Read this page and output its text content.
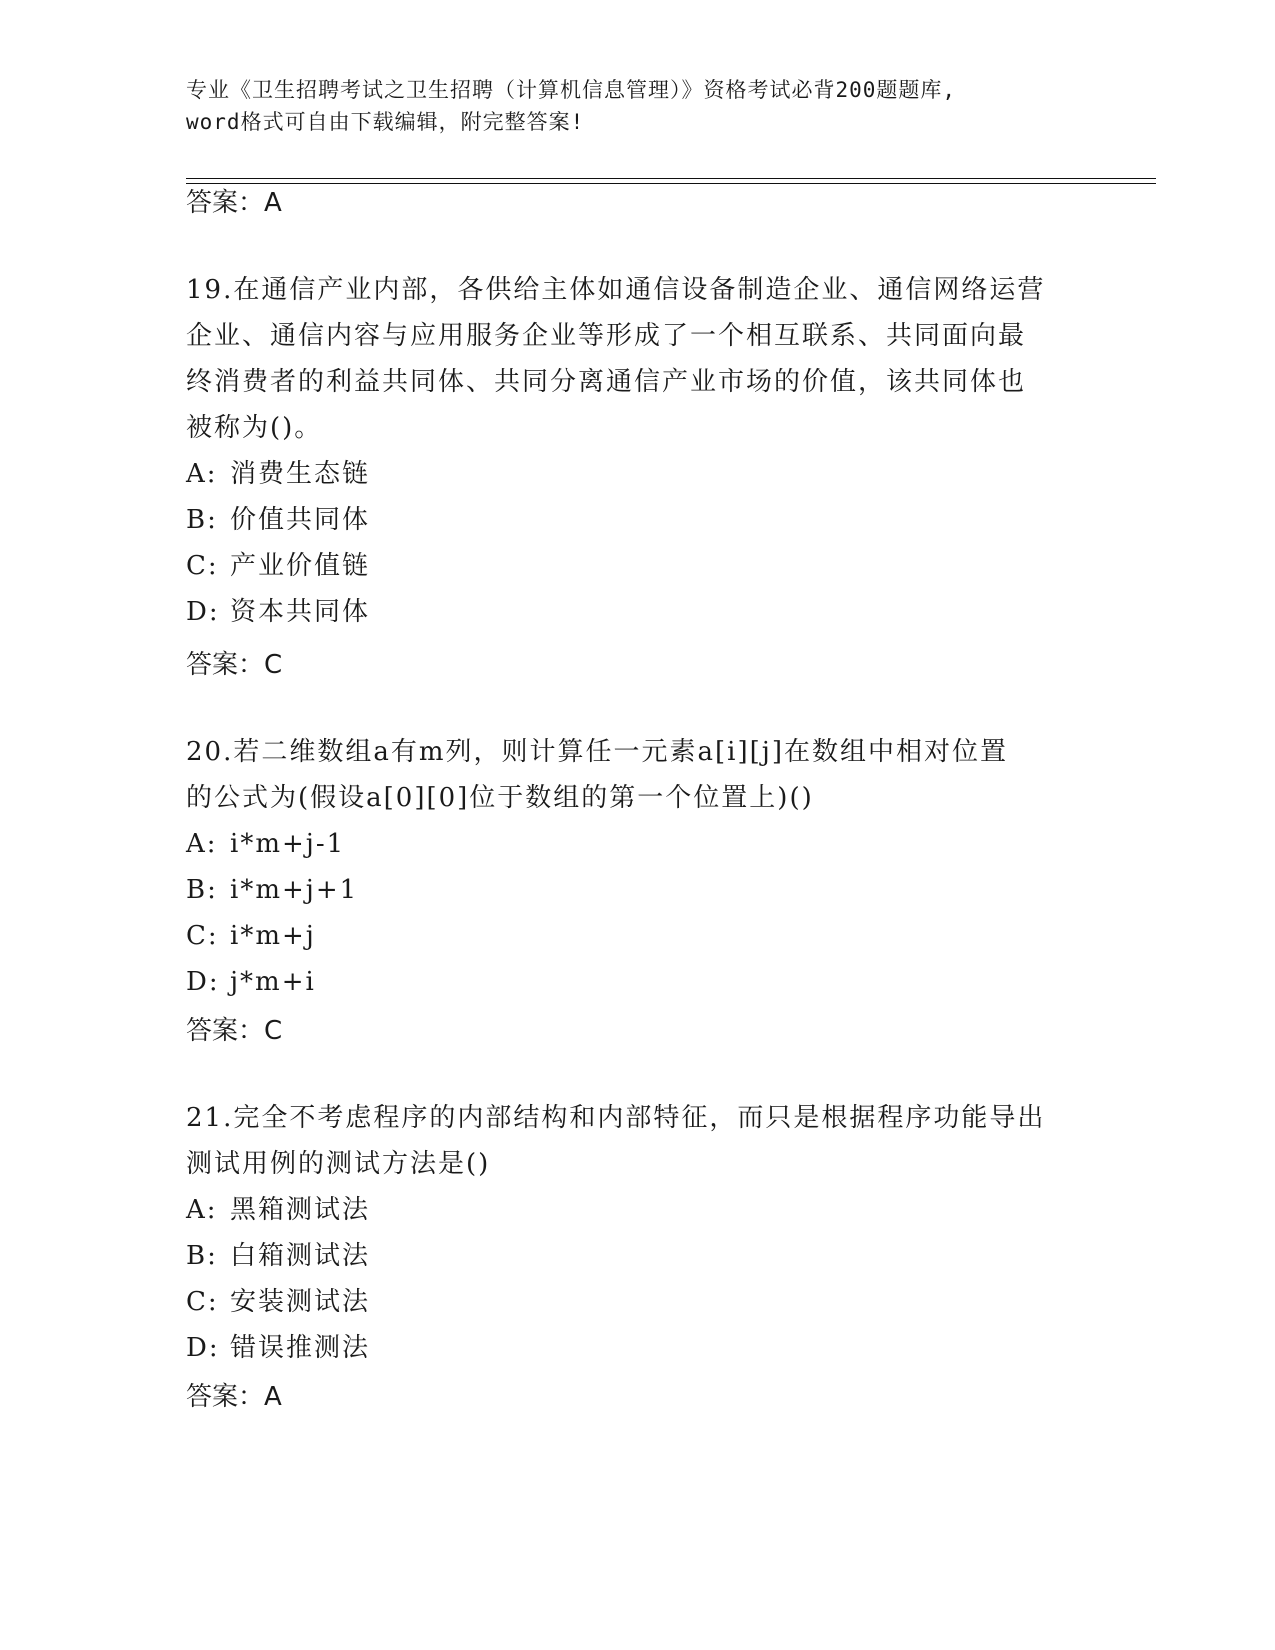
专业《卫生招聘考试之卫生招聘（计算机信息管理）》资格考试必背200题题库,
word格式可自由下载编辑，附完整答案!
答案：A
19.在通信产业内部，各供给主体如通信设备制造企业、通信网络运营
企业、通信内容与应用服务企业等形成了一个相互联系、共同面向最
终消费者的利益共同体、共同分离通信产业市场的价值，该共同体也
被称为()。
A: 消费生态链
B: 价值共同体
C: 产业价值链
D: 资本共同体
答案：C
20.若二维数组a有m列，则计算任一元素a[i][j]在数组中相对位置
的公式为(假设a[0][0]位于数组的第一个位置上)()
A: i*m+j-1
B: i*m+j+1
C: i*m+j
D: j*m+i
答案：C
21.完全不考虑程序的内部结构和内部特征，而只是根据程序功能导出
测试用例的测试方法是()
A: 黑箱测试法
B: 白箱测试法
C: 安装测试法
D: 错误推测法
答案：A
